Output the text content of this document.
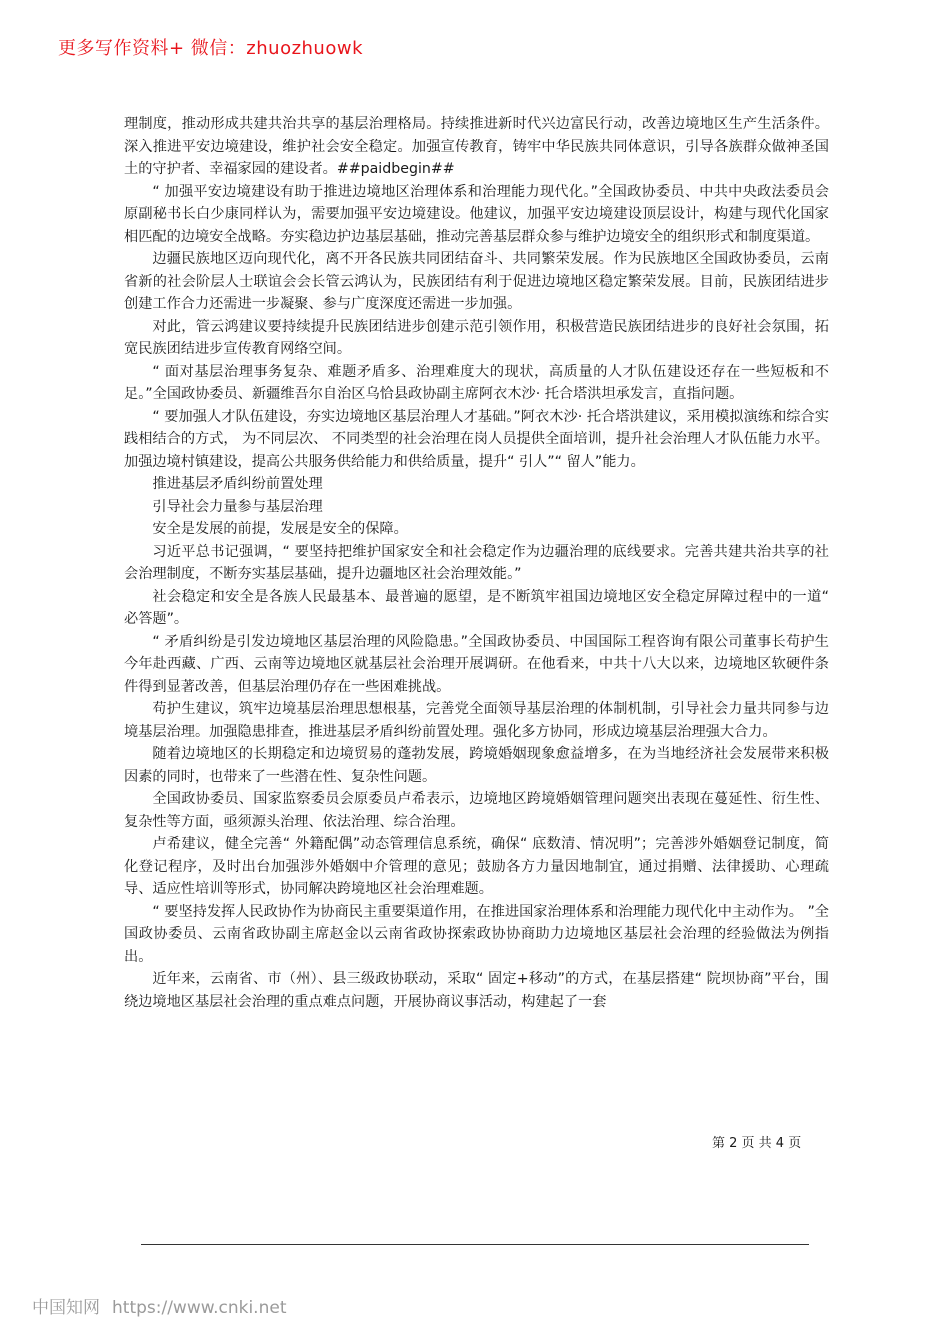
更多写作资料+ 微信：zhuozhuowk

理制度，推动形成共建共治共享的基层治理格局。持续推进新时代兴边富民行动，改善边境地区生产生活条件。深入推进平安边境建设，维护社会安全稳定。加强宣传教育，铸牢中华民族共同体意识，引导各族群众做神圣国土的守护者、幸福家园的建设者。##paidbegin##

“ 加强平安边境建设有助于推进边境地区治理体系和治理能力现代化。”全国政协委员、中共中央政法委员会原副秘书长白少康同样认为，需要加强平安边境建设。他建议，加强平安边境建设顶层设计，构建与现代化国家相匹配的边境安全战略。夯实稳边护边基层基础，推动完善基层群众参与维护边境安全的组织形式和制度渠道。

边疆民族地区迈向现代化，离不开各民族共同团结奋斗、共同繁荣发展。作为民族地区全国政协委员，云南省新的社会阶层人士联谊会会长管云鸿认为，民族团结有利于促进边境地区稳定繁荣发展。目前，民族团结进步创建工作合力还需进一步凝聚、参与广度深度还需进一步加强。

对此，管云鸿建议要持续提升民族团结进步创建示范引领作用，积极营造民族团结进步的良好社会氛围，拓宽民族团结进步宣传教育网络空间。

“ 面对基层治理事务复杂、难题矛盾多、治理难度大的现状，高质量的人才队伍建设还存在一些短板和不足。”全国政协委员、新疆维吾尔自治区乌恰县政协副主席阿衣木沙· 托合塔洪坦承发言，直指问题。

“ 要加强人才队伍建设，夯实边境地区基层治理人才基础。”阿衣木沙· 托合塔洪建议，采用模拟演练和综合实践相结合的方式， 为不同层次、 不同类型的社会治理在岗人员提供全面培训，提升社会治理人才队伍能力水平。加强边境村镇建设，提高公共服务供给能力和供给质量，提升“ 引人”“ 留人”能力。

推进基层矛盾纠纷前置处理

引导社会力量参与基层治理

安全是发展的前提，发展是安全的保障。

习近平总书记强调，“ 要坚持把维护国家安全和社会稳定作为边疆治理的底线要求。完善共建共治共享的社会治理制度，不断夯实基层基础，提升边疆地区社会治理效能。”

社会稳定和安全是各族人民最基本、最普遍的愿望，是不断筑牢祖国边境地区安全稳定屏障过程中的一道“ 必答题”。

“ 矛盾纠纷是引发边境地区基层治理的风险隐患。”全国政协委员、中国国际工程咨询有限公司董事长苟护生今年赴西藏、广西、云南等边境地区就基层社会治理开展调研。在他看来，中共十八大以来，边境地区软硬件条件得到显著改善，但基层治理仍存在一些困难挑战。

苟护生建议，筑牢边境基层治理思想根基，完善党全面领导基层治理的体制机制，引导社会力量共同参与边境基层治理。加强隐患排查，推进基层矛盾纠纷前置处理。强化多方协同，形成边境基层治理强大合力。

随着边境地区的长期稳定和边境贸易的蓬勃发展，跨境婚姻现象愈益增多，在为当地经济社会发展带来积极因素的同时，也带来了一些潜在性、复杂性问题。

全国政协委员、国家监察委员会原委员卢希表示，边境地区跨境婚姻管理问题突出表现在蔓延性、衍生性、复杂性等方面，亟须源头治理、依法治理、综合治理。

卢希建议，健全完善“ 外籍配偶”动态管理信息系统，确保“ 底数清、情况明”；完善涉外婚姻登记制度，简化登记程序，及时出台加强涉外婚姻中介管理的意见；鼓励各方力量因地制宜，通过捐赠、法律援助、心理疏导、适应性培训等形式，协同解决跨境地区社会治理难题。

“ 要坚持发挥人民政协作为协商民主重要渠道作用，在推进国家治理体系和治理能力现代化中主动作为。 ”全国政协委员、云南省政协副主席赵金以云南省政协探索政协协商助力边境地区基层社会治理的经验做法为例指出。

近年来，云南省、市（州）、县三级政协联动，采取“ 固定+移动”的方式，在基层搭建“ 院坝协商”平台，围绕边境地区基层社会治理的重点难点问题，开展协商议事活动，构建起了一套

第 2 页 共 4 页
中国知网 https://www.cnki.net
